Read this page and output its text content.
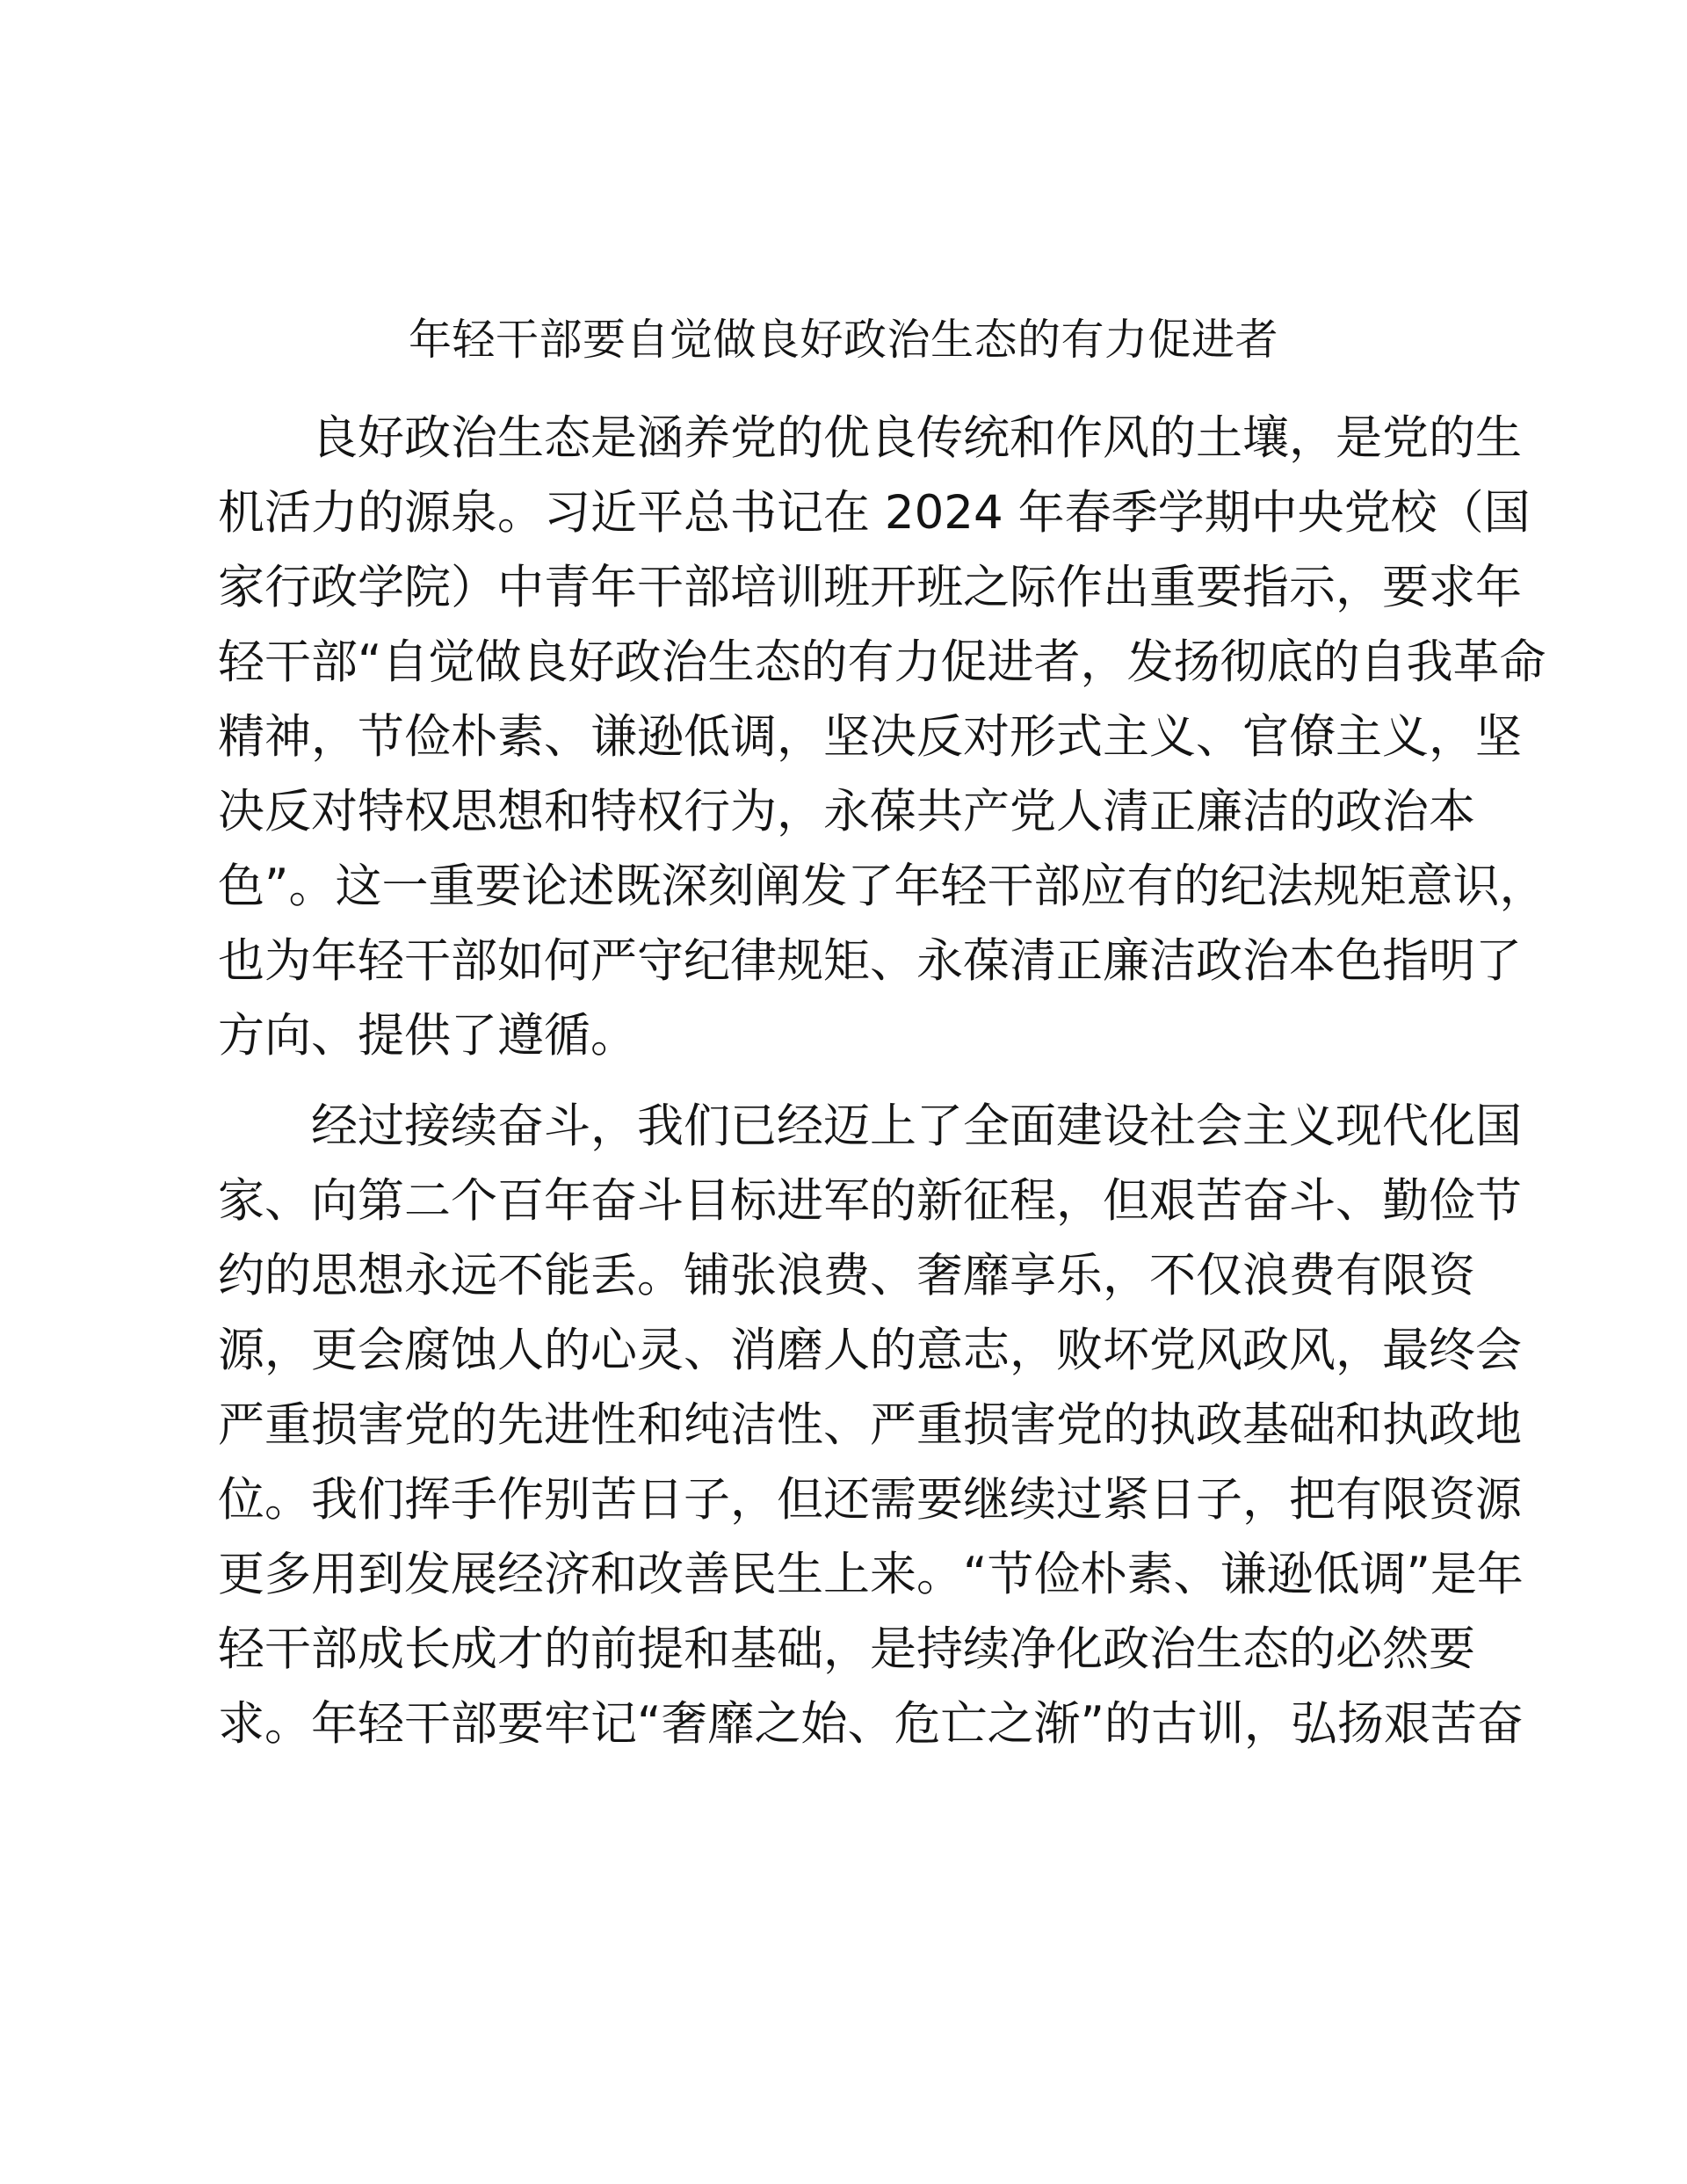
年轻干部要自觉做良好政治生态的有力促进者
良好政治生态是涵养党的优良传统和作风的土壤，是党的生
机活力的源泉。习近平总书记在 2024 年春季学期中央党校（国
家行政学院）中青年干部培训班开班之际作出重要指示，要求年
轻干部“自觉做良好政治生态的有力促进者，发扬彻底的自我革命
精神，节俭朴素、谦逊低调，坚决反对形式主义、官僚主义，坚
决反对特权思想和特权行为，永葆共产党人清正廉洁的政治本
色”。这一重要论述既深刻阐发了年轻干部应有的纪法规矩意识，
也为年轻干部如何严守纪律规矩、永葆清正廉洁政治本色指明了
方向、提供了遵循。
经过接续奋斗，我们已经迈上了全面建设社会主义现代化国
家、向第二个百年奋斗目标进军的新征程，但艰苦奋斗、勤俭节
约的思想永远不能丢。铺张浪费、奢靡享乐，不仅浪费有限资
源，更会腐蚀人的心灵、消磨人的意志，败坏党风政风，最终会
严重损害党的先进性和纯洁性、严重损害党的执政基础和执政地
位。我们挥手作别苦日子，但还需要继续过紧日子，把有限资源
更多用到发展经济和改善民生上来。“节俭朴素、谦逊低调”是年
轻干部成长成才的前提和基础，是持续净化政治生态的必然要
求。年轻干部要牢记“奢靡之始、危亡之渐”的古训，弘扬艰苦奋
